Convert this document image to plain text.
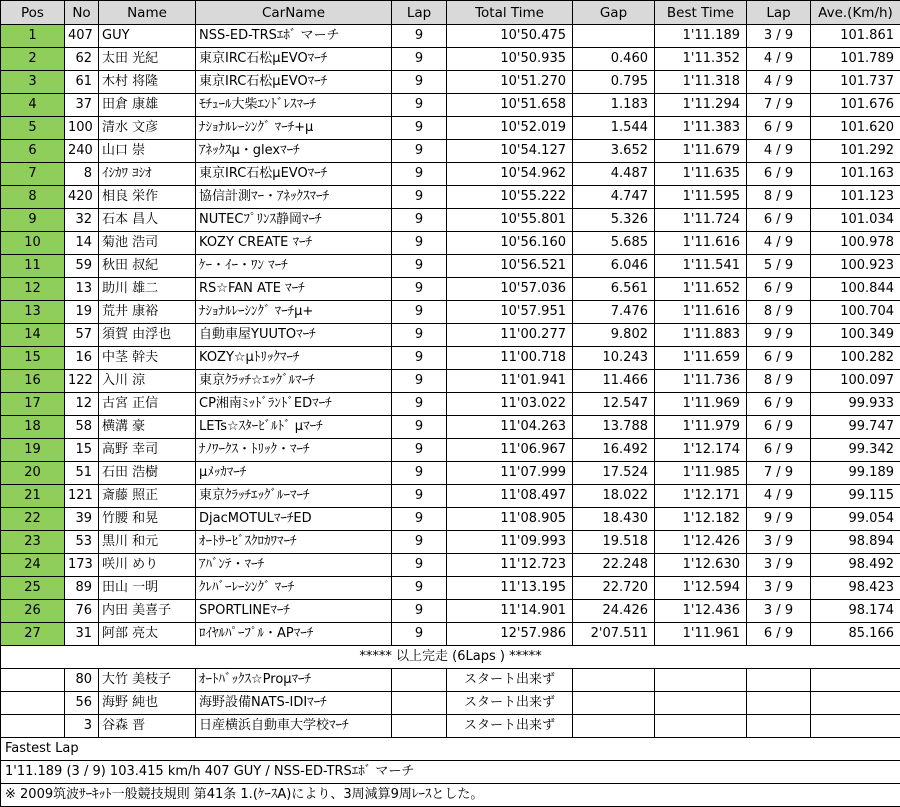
Pos	No	Name	CarName	Lap	Total Time	Gap	Best Time	Lap	Ave.(Km/h)
1	407	GUY	NSS-ED-TRSｴﾎﾞ マーチ	9	10'50.475		1'11.189	3 / 9	101.861
2	62	太田 光紀	東京IRC石松μEVOﾏｰﾁ	9	10'50.935	0.460	1'11.352	4 / 9	101.789
3	61	木村 将隆	東京IRC石松μEVOﾏｰﾁ	9	10'51.270	0.795	1'11.318	4 / 9	101.737
4	37	田倉 康雄	ﾓﾁｭｰﾙ大柴ｴﾝﾄﾞﾚｽﾏｰﾁ	9	10'51.658	1.183	1'11.294	7 / 9	101.676
5	100	清水 文彦	ﾅｼｮﾅﾙﾚｰｼﾝｸﾞ ﾏｰﾁ+μ	9	10'52.019	1.544	1'11.383	6 / 9	101.620
6	240	山口 崇	ｱﾈｯｸｽμ・glexﾏｰﾁ	9	10'54.127	3.652	1'11.679	4 / 9	101.292
7	8	ｲｼｶﾜ ﾖｼｵ	東京IRC石松μEVOﾏｰﾁ	9	10'54.962	4.487	1'11.635	6 / 9	101.163
8	420	相良 栄作	協信計測ﾏｰ・ｱﾈｯｸｽﾏｰﾁ	9	10'55.222	4.747	1'11.595	8 / 9	101.123
9	32	石本 昌人	NUTECﾌﾟﾘﾝｽ静岡ﾏｰﾁ	9	10'55.801	5.326	1'11.724	6 / 9	101.034
10	14	菊池 浩司	KOZY CREATE ﾏｰﾁ	9	10'56.160	5.685	1'11.616	4 / 9	100.978
11	59	秋田 叔紀	ｹｰ・ｲｰ・ﾜﾝ ﾏｰﾁ	9	10'56.521	6.046	1'11.541	5 / 9	100.923
12	13	助川 雄二	RS☆FAN ATE ﾏｰﾁ	9	10'57.036	6.561	1'11.652	6 / 9	100.844
13	19	荒井 康裕	ﾅｼｮﾅﾙﾚｰｼﾝｸﾞ ﾏｰﾁμ+	9	10'57.951	7.476	1'11.616	8 / 9	100.704
14	57	須賀 由浮也	自動車屋YUUTOﾏｰﾁ	9	11'00.277	9.802	1'11.883	9 / 9	100.349
15	16	中茎 幹夫	KOZY☆μﾄﾘｯｸﾏｰﾁ	9	11'00.718	10.243	1'11.659	6 / 9	100.282
16	122	入川 涼	東京ｸﾗｯﾁ☆ｴｯｸﾞﾙﾏｰﾁ	9	11'01.941	11.466	1'11.736	8 / 9	100.097
17	12	古宮 正信	CP湘南ﾐｯﾄﾞﾗﾝﾄﾞEDﾏｰﾁ	9	11'03.022	12.547	1'11.969	6 / 9	99.933
18	58	横溝 豪	LETs☆ｽﾀｰﾋﾞﾙﾄﾞ μﾏｰﾁ	9	11'04.263	13.788	1'11.979	6 / 9	99.747
19	15	高野 幸司	ﾅﾉﾜｰｸｽ・ﾄﾘｯｸ・ﾏｰﾁ	9	11'06.967	16.492	1'12.174	6 / 9	99.342
20	51	石田 浩樹	μﾒｯｶﾏｰﾁ	9	11'07.999	17.524	1'11.985	7 / 9	99.189
21	121	斎藤 照正	東京ｸﾗｯﾁｴｯｸﾞﾙｰﾏｰﾁ	9	11'08.497	18.022	1'12.171	4 / 9	99.115
22	39	竹腰 和晃	DjacMOTULﾏｰﾁED	9	11'08.905	18.430	1'12.182	9 / 9	99.054
23	53	黒川 和元	ｵｰﾄｻｰﾋﾞｽｸﾛｶﾜﾏｰﾁ	9	11'09.993	19.518	1'12.426	3 / 9	98.894
24	173	咲川 めり	ｱﾊﾞﾝﾃ・ﾏｰﾁ	9	11'12.723	22.248	1'12.630	3 / 9	98.492
25	89	田山 一明	ｸﾚﾊﾞｰﾚｰｼﾝｸﾞ ﾏｰﾁ	9	11'13.195	22.720	1'12.594	3 / 9	98.423
26	76	内田 美喜子	SPORTLINEﾏｰﾁ	9	11'14.901	24.426	1'12.436	3 / 9	98.174
27	31	阿部 亮太	ﾛｲﾔﾙﾊﾟｰﾌﾟﾙ・APﾏｰﾁ	9	12'57.986	2'07.511	1'11.961	6 / 9	85.166
***** 以上完走 (6Laps ) *****									
	80	大竹 美枝子	ｵｰﾄﾊﾞｯｸｽ☆Proμﾏｰﾁ		スタート出来ず				
	56	海野 純也	海野設備NATS-IDIﾏｰﾁ		スタート出来ず				
	3	谷森 晋	日産横浜自動車大学校ﾏｰﾁ		スタート出来ず				
Fastest Lap									
1'11.189 (3 / 9) 103.415 km/h 407 GUY / NSS-ED-TRSｴﾎﾞ マーチ									
※ 2009筑波ｻｰｷｯﾄ一般競技規則 第41条 1.(ｹｰｽA)により、3周減算9周ﾚｰｽとした。									
